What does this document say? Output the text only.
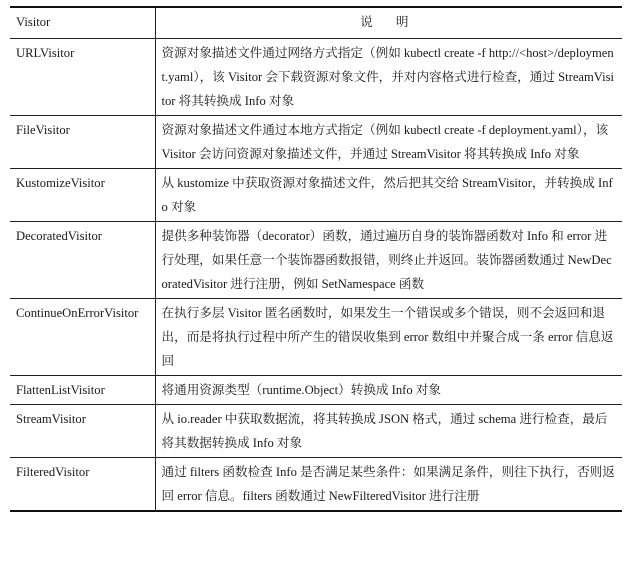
Visitor	说 明
URLVisitor	资源对象描述文件通过网络方式指定（例如 kubectl create -f http://<host>/deployment.yaml），该 Visitor 会下载资源对象文件，并对内容格式进行检查，通过 StreamVisitor 将其转换成 Info 对象
FileVisitor	资源对象描述文件通过本地方式指定（例如 kubectl create -f deployment.yaml），该 Visitor 会访问资源对象描述文件，并通过 StreamVisitor 将其转换成 Info 对象
KustomizeVisitor	从 kustomize 中获取资源对象描述文件，然后把其交给 StreamVisitor，并转换成 Info 对象
DecoratedVisitor	提供多种装饰器（decorator）函数，通过遍历自身的装饰器函数对 Info 和 error 进行处理，如果任意一个装饰器函数报错，则终止并返回。装饰器函数通过 NewDecoratedVisitor 进行注册，例如 SetNamespace 函数
ContinueOnErrorVisitor	在执行多层 Visitor 匿名函数时，如果发生一个错误或多个错误，则不会返回和退出，而是将执行过程中所产生的错误收集到 error 数组中并聚合成一条 error 信息返回
FlattenListVisitor	将通用资源类型（runtime.Object）转换成 Info 对象
StreamVisitor	从 io.reader 中获取数据流，将其转换成 JSON 格式，通过 schema 进行检查，最后将其数据转换成 Info 对象
FilteredVisitor	通过 filters 函数检查 Info 是否满足某些条件：如果满足条件，则往下执行，否则返回 error 信息。filters 函数通过 NewFilteredVisitor 进行注册
